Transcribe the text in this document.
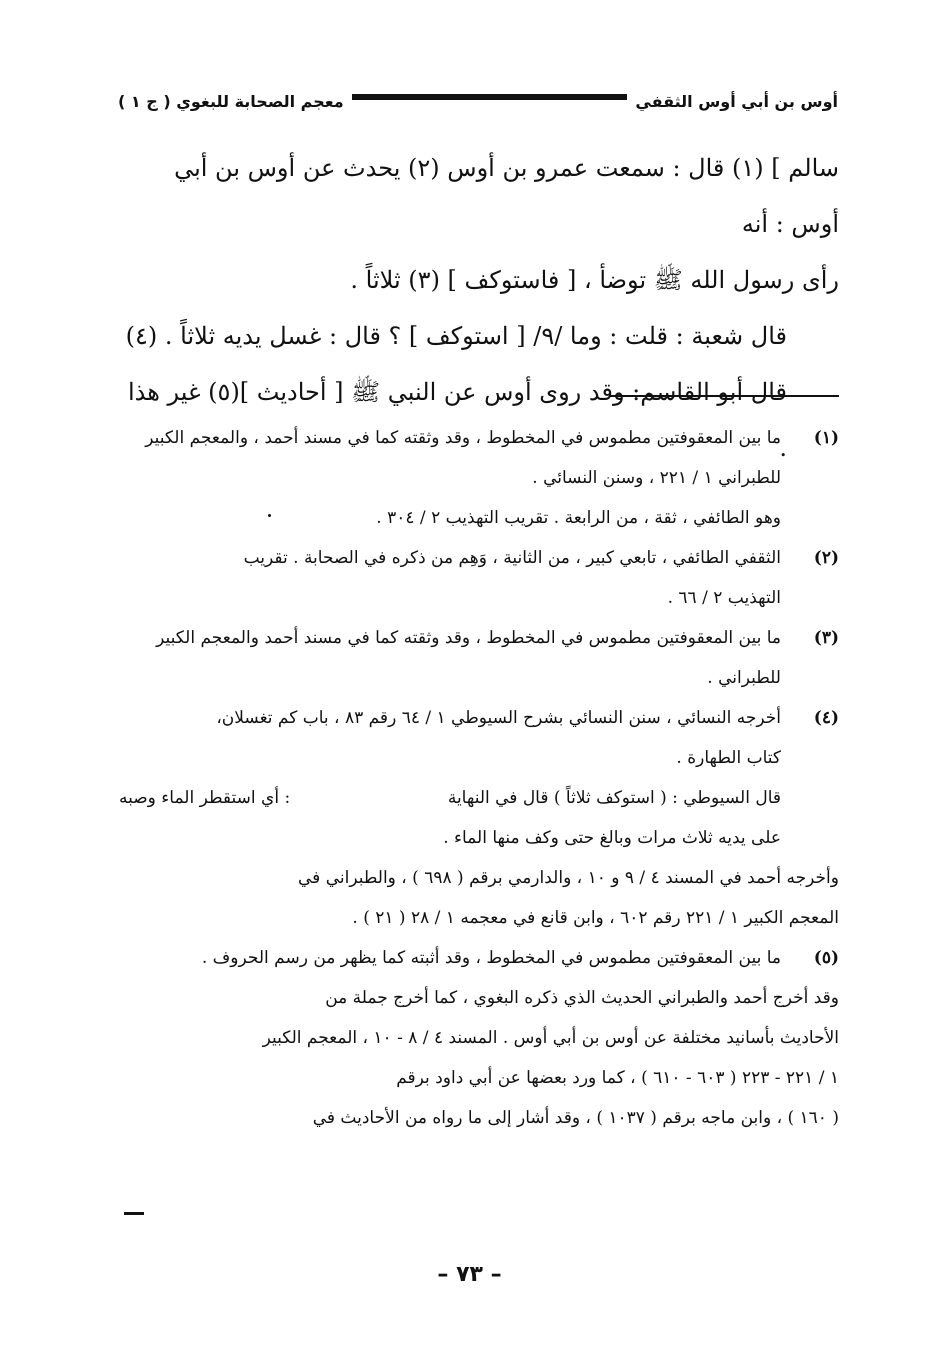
أوس بن أبي أوس الثقفي
معجم الصحابة للبغوي ( ج ١ )

سالم ] (١) قال : سمعت عمرو بن أوس (٢) يحدث عن أوس بن أبي أوس : أنه

رأى رسول الله ﷺ توضأ ، [ فاستوكف ] (٣) ثلاثاً .

قال شعبة : قلت : وما /٩/ [ استوكف ] ؟ قال : غسل يديه ثلاثاً . (٤)

قال أبو القاسم: وقد روى أوس عن النبي ﷺ [ أحاديث ](٥) غير هذا .	(١)

ما بين المعقوفتين مطموس في المخطوط ، وقد وثقته كما في مسند أحمد ، والمعجم الكبير

للطبراني ١ / ٢٢١ ، وسنن النسائي .

وهو الطائفي ، ثقة ، من الرابعة . تقريب التهذيب ٢ / ٣٠٤ .

(٢)

الثقفي الطائفي ، تابعي كبير ، من الثانية ، وَهِم من ذكره في الصحابة . تقريب

التهذيب ٢ / ٦٦ .

(٣)

ما بين المعقوفتين مطموس في المخطوط ، وقد وثقته كما في مسند أحمد والمعجم الكبير

للطبراني .

(٤)

أخرجه النسائي ، سنن النسائي بشرح السيوطي ١ / ٦٤ رقم ٨٣ ، باب كم تغسلان،

كتاب الطهارة .

قال السيوطي : ( استوكف ثلاثاً ) قال في النهاية
: أي استقطر الماء وصبه

على يديه ثلاث مرات وبالغ حتى وكف منها الماء .

وأخرجه أحمد في المسند ٤ / ٩ و ١٠ ، والدارمي برقم ( ٦٩٨ ) ، والطبراني في

المعجم الكبير ١ / ٢٢١ رقم ٦٠٢ ، وابن قانع في معجمه ١ / ٢٨ ( ٢١ ) .

(٥)

ما بين المعقوفتين مطموس في المخطوط ، وقد أثبته كما يظهر من رسم الحروف .

وقد أخرج أحمد والطبراني الحديث الذي ذكره البغوي ، كما أخرج جملة من

الأحاديث بأسانيد مختلفة عن أوس بن أبي أوس . المسند ٤ / ٨ - ١٠ ، المعجم الكبير

١ / ٢٢١ - ٢٢٣ ( ٦٠٣ - ٦١٠ ) ، كما ورد بعضها عن أبي داود برقم

( ١٦٠ ) ، وابن ماجه برقم ( ١٠٣٧ ) ، وقد أشار إلى ما رواه من الأحاديث في

– ٧٣ –
